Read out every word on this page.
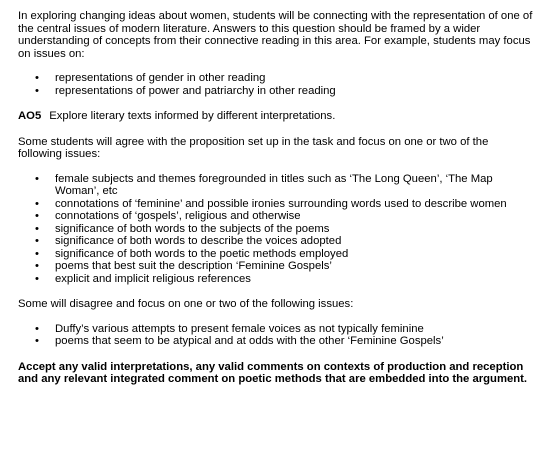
In exploring changing ideas about women, students will be connecting with the representation of one of the central issues of modern literature. Answers to this question should be framed by a wider understanding of concepts from their connective reading in this area. For example, students may focus on issues on:

• representations of gender in other reading
• representations of power and patriarchy in other reading

AO5 Explore literary texts informed by different interpretations.

Some students will agree with the proposition set up in the task and focus on one or two of the following issues:

• female subjects and themes foregrounded in titles such as ‘The Long Queen’, ‘The Map Woman’, etc
• connotations of ‘feminine’ and possible ironies surrounding words used to describe women
• connotations of ‘gospels’, religious and otherwise
• significance of both words to the subjects of the poems
• significance of both words to describe the voices adopted
• significance of both words to the poetic methods employed
• poems that best suit the description ‘Feminine Gospels’
• explicit and implicit religious references

Some will disagree and focus on one or two of the following issues:

• Duffy’s various attempts to present female voices as not typically feminine
• poems that seem to be atypical and at odds with the other ‘Feminine Gospels’

Accept any valid interpretations, any valid comments on contexts of production and reception and any relevant integrated comment on poetic methods that are embedded into the argument.
